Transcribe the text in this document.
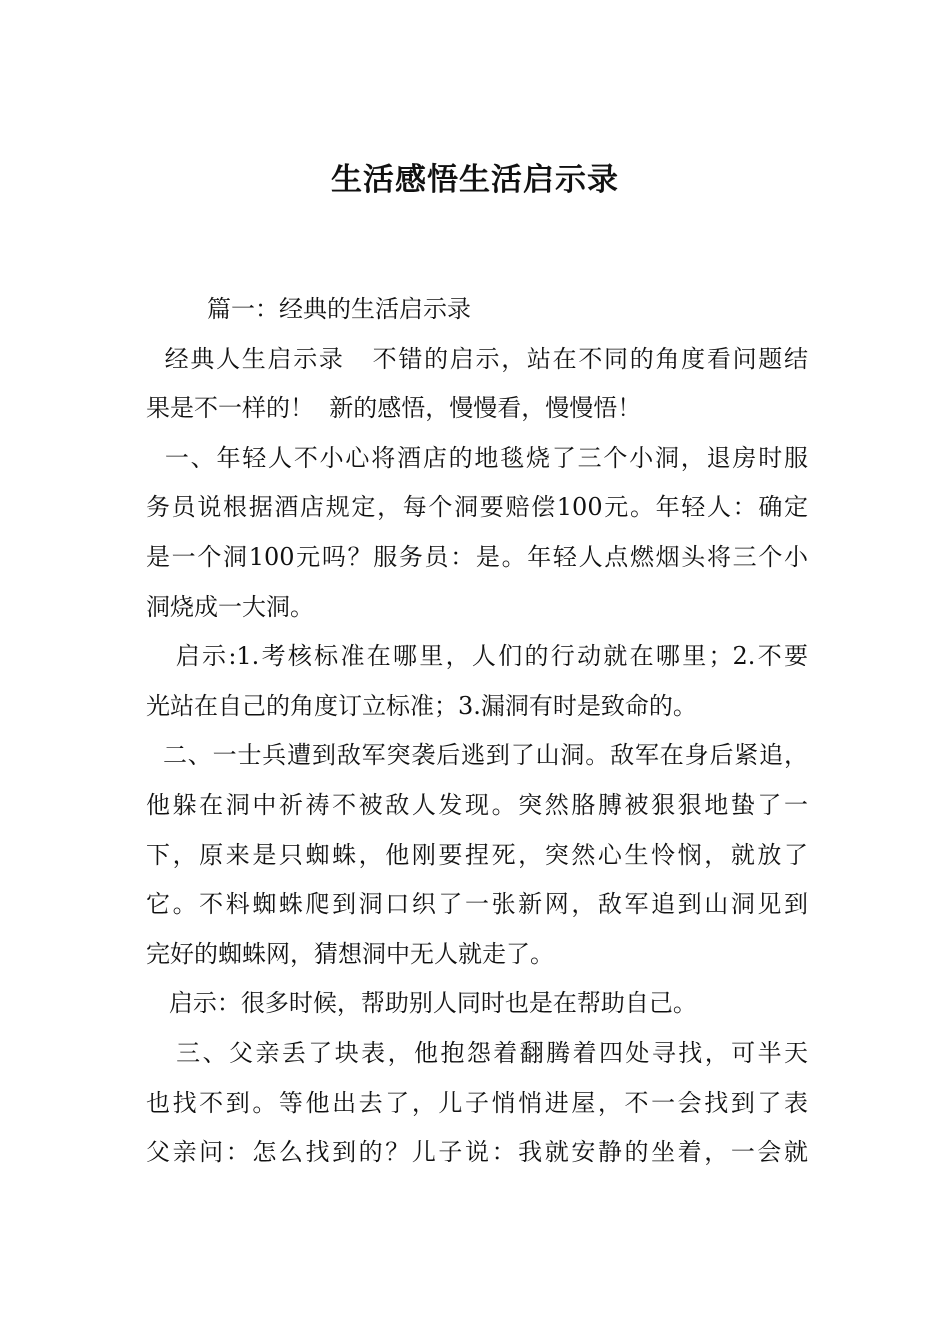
生活感悟生活启示录
篇一：经典的生活启示录
经典人生启示录   不错的启示，站在不同的角度看问题结
果是不一样的！  新的感悟，慢慢看，慢慢悟！
一、年轻人不小心将酒店的地毯烧了三个小洞，退房时服
务员说根据酒店规定，每个洞要赔偿100元。年轻人：确定
是一个洞100元吗？服务员：是。年轻人点燃烟头将三个小
洞烧成一大洞。
启示:1.考核标准在哪里，人们的行动就在哪里；2.不要
光站在自己的角度订立标准；3.漏洞有时是致命的。
二、一士兵遭到敌军突袭后逃到了山洞。敌军在身后紧追，
他躲在洞中祈祷不被敌人发现。突然胳膊被狠狠地蛰了一
下，原来是只蜘蛛，他刚要捏死，突然心生怜悯，就放了
它。不料蜘蛛爬到洞口织了一张新网，敌军追到山洞见到
完好的蜘蛛网，猜想洞中无人就走了。
启示：很多时候，帮助别人同时也是在帮助自己。
三、父亲丢了块表，他抱怨着翻腾着四处寻找，可半天
也找不到。等他出去了，儿子悄悄进屋，不一会找到了表
父亲问：怎么找到的？儿子说：我就安静的坐着，一会就
